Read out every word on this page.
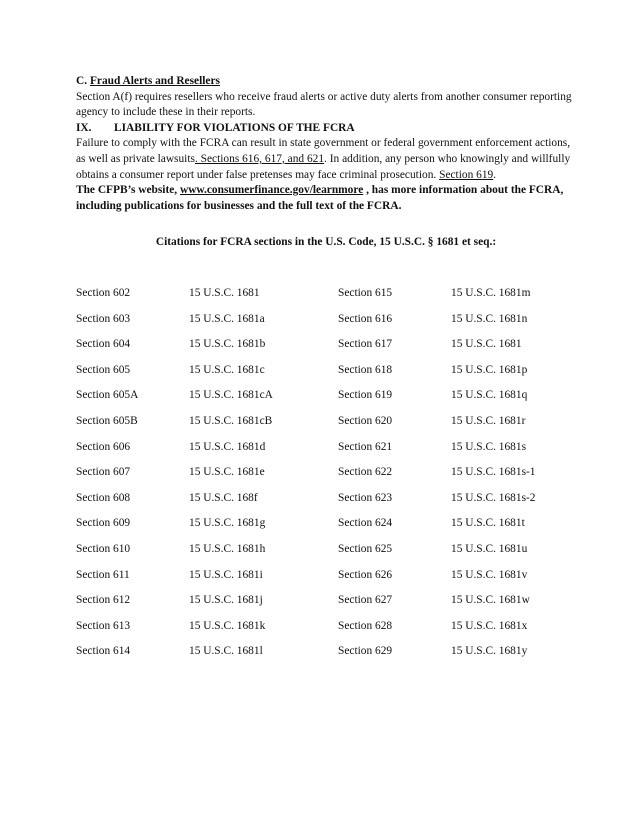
C. Fraud Alerts and Resellers

Section A(f) requires resellers who receive fraud alerts or active duty alerts from another consumer reporting agency to include these in their reports.

IX.	LIABILITY FOR VIOLATIONS OF THE FCRA

Failure to comply with the FCRA can result in state government or federal government enforcement actions, as well as private lawsuits. Sections 616, 617, and 621. In addition, any person who knowingly and willfully obtains a consumer report under false pretenses may face criminal prosecution. Section 619.

The CFPB’s website, www.consumerfinance.gov/learnmore , has more information about the FCRA, including publications for businesses and the full text of the FCRA.

Citations for FCRA sections in the U.S. Code, 15 U.S.C. § 1681 et seq.:

Section 602	15 U.S.C. 1681	Section 615	15 U.S.C. 1681m
Section 603	15 U.S.C. 1681a	Section 616	15 U.S.C. 1681n
Section 604	15 U.S.C. 1681b	Section 617	15 U.S.C. 1681
Section 605	15 U.S.C. 1681c	Section 618	15 U.S.C. 1681p
Section 605A	15 U.S.C. 1681cA	Section 619	15 U.S.C. 1681q
Section 605B	15 U.S.C. 1681cB	Section 620	15 U.S.C. 1681r
Section 606	15 U.S.C. 1681d	Section 621	15 U.S.C. 1681s
Section 607	15 U.S.C. 1681e	Section 622	15 U.S.C. 1681s-1
Section 608	15 U.S.C. 168f	Section 623	15 U.S.C. 1681s-2
Section 609	15 U.S.C. 1681g	Section 624	15 U.S.C. 1681t
Section 610	15 U.S.C. 1681h	Section 625	15 U.S.C. 1681u
Section 611	15 U.S.C. 1681i	Section 626	15 U.S.C. 1681v
Section 612	15 U.S.C. 1681j	Section 627	15 U.S.C. 1681w
Section 613	15 U.S.C. 1681k	Section 628	15 U.S.C. 1681x
Section 614	15 U.S.C. 1681l	Section 629	15 U.S.C. 1681y
